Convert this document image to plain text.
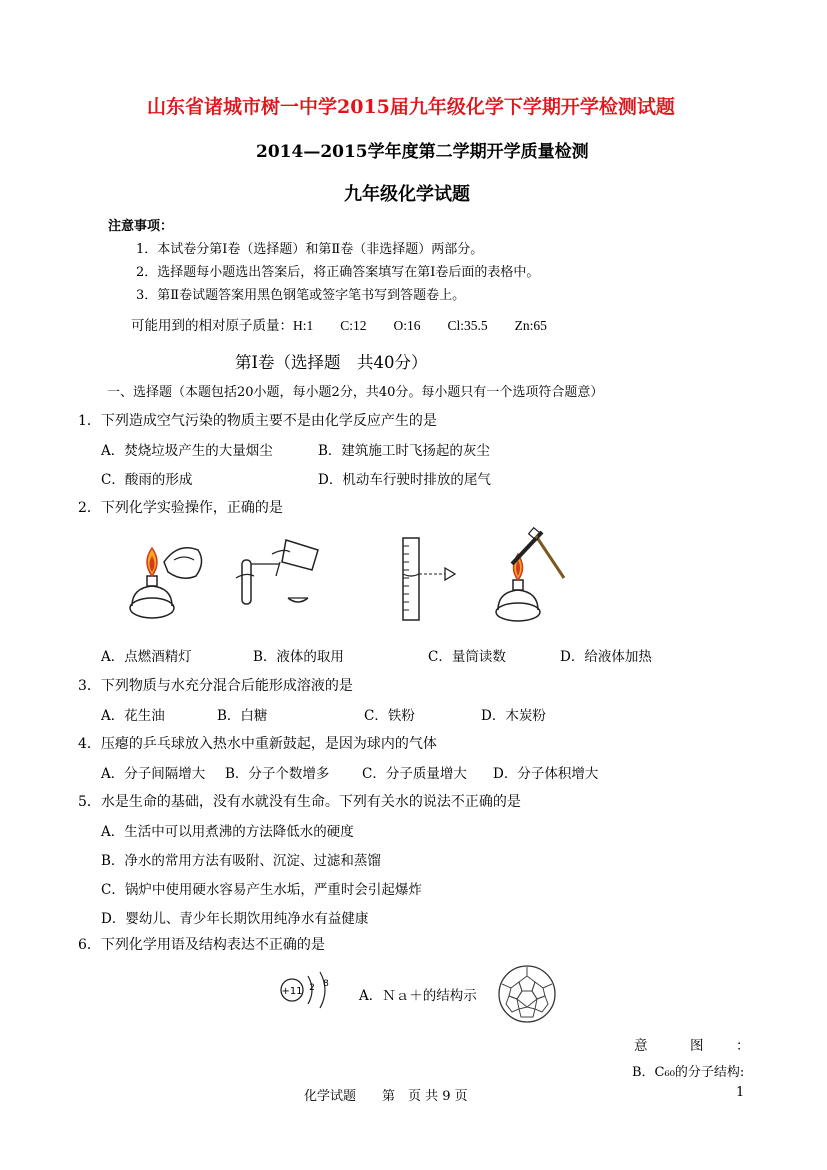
山东省诸城市树一中学2015届九年级化学下学期开学检测试题
2014—2015学年度第二学期开学质量检测
九年级化学试题
注意事项：
1．本试卷分第Ⅰ卷（选择题）和第Ⅱ卷（非选择题）两部分。
2．选择题每小题选出答案后，将正确答案填写在第Ⅰ卷后面的表格中。
3．第Ⅱ卷试题答案用黑色钢笔或签字笔书写到答题卷上。
可能用到的相对原子质量：H:1　　C:12　　O:16　　Cl:35.5　　Zn:65
第Ⅰ卷（选择题　共40分）
一、选择题（本题包括20小题，每小题2分，共40分。每小题只有一个选项符合题意）
1．下列造成空气污染的物质主要不是由化学反应产生的是
A．焚烧垃圾产生的大量烟尘	B．建筑施工时飞扬起的灰尘
C．酸雨的形成	D．机动车行驶时排放的尾气
2．下列化学实验操作，正确的是
A．点燃酒精灯	B．液体的取用	C．量筒读数	D．给液体加热
3．下列物质与水充分混合后能形成溶液的是
A．花生油	B．白糖	C．铁粉	D．木炭粉
4．压瘪的乒乓球放入热水中重新鼓起，是因为球内的气体
A．分子间隔增大 B．分子个数增多 C．分子质量增大 D．分子体积增大
5．水是生命的基础，没有水就没有生命。下列有关水的说法不正确的是
A．生活中可以用煮沸的方法降低水的硬度
B．净水的常用方法有吸附、沉淀、过滤和蒸馏
C．锅炉中使用硬水容易产生水垢，严重时会引起爆炸
D．婴幼儿、青少年长期饮用纯净水有益健康
6．下列化学用语及结构表达不正确的是
+11 2 8
A．Ｎａ＋的结构示
意	图 ：
B．C₆₀的分子结构:
化学试题　　第　页 共 9 页	1
